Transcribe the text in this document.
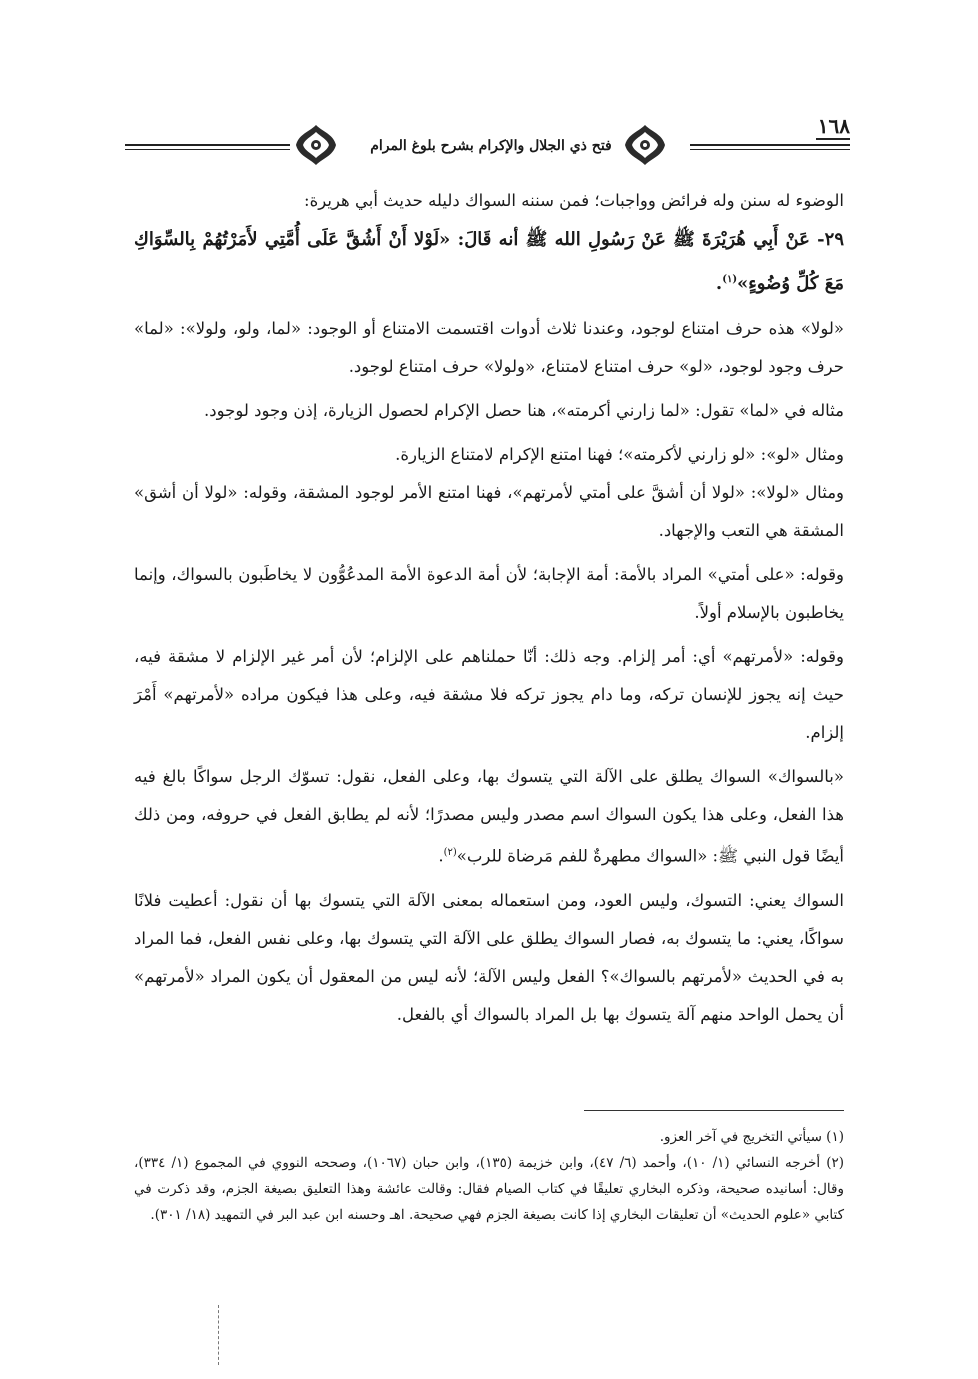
١٦٨
فتح ذي الجلال والإكرام بشرح بلوغ المرام

الوضوء له سنن وله فرائض وواجبات؛ فمن سننه السواك دليله حديث أبي هريرة:

٢٩- عَنْ أَبِي هُرَيْرَةَ ﷺ عَنْ رَسُولِ الله ﷺ أنه قَالَ: «لَوْلا أَنْ أَشُقَّ عَلَى أُمَّتِي لأَمَرْتُهُمْ بِالسِّوَاكِ مَعَ كُلِّ وُضُوءٍ»$^{(١)}$.

«لولا» هذه حرف امتناع لوجود، وعندنا ثلاث أدوات اقتسمت الامتناع أو الوجود: «لما، ولو، ولولا»: «لما» حرف وجود لوجود، «لو» حرف امتناع لامتناع، «ولولا» حرف امتناع لوجود.

مثاله في «لما» تقول: «لما زارني أكرمته»، هنا حصل الإكرام لحصول الزيارة، إذن وجود لوجود.

ومثال «لو»: «لو زارني لأكرمته»؛ فهنا امتنع الإكرام لامتناع الزيارة.

ومثال «لولا»: «لولا أن أشقَّ على أمتي لأمرتهم»، فهنا امتنع الأمر لوجود المشقة، وقوله: «لولا أن أشق» المشقة هي التعب والإجهاد.

وقوله: «على أمتي» المراد بالأمة: أمة الإجابة؛ لأن أمة الدعوة الأمة المدعُوُّون لا يخاطَبون بالسواك، وإنما يخاطبون بالإسلام أولاً.

وقوله: «لأمرتهم» أي: أمر إلزام. وجه ذلك: أنّا حملناهم على الإلزام؛ لأن أمر غير الإلزام لا مشقة فيه، حيث إنه يجوز للإنسان تركه، وما دام يجوز تركه فلا مشقة فيه، وعلى هذا فيكون مراده «لأمرتهم» أَمْرَ إلزام.

«بالسواك» السواك يطلق على الآلة التي يتسوك بها، وعلى الفعل، نقول: تسوّك الرجل سواكًا بالغ فيه هذا الفعل، وعلى هذا يكون السواك اسم مصدر وليس مصدرًا؛ لأنه لم يطابق الفعل في حروفه، ومن ذلك أيضًا قول النبي ﷺ: «السواك مطهرةٌ للفم مَرضاة للرب»$^{(٢)}$.

السواك يعني: التسوك، وليس العود، ومن استعماله بمعنى الآلة التي يتسوك بها أن نقول: أعطيت فلانًا سواكًا، يعني: ما يتسوك به، فصار السواك يطلق على الآلة التي يتسوك بها، وعلى نفس الفعل، فما المراد به في الحديث «لأمرتهم بالسواك»؟ الفعل وليس الآلة؛ لأنه ليس من المعقول أن يكون المراد «لأمرتهم» أن يحمل الواحد منهم آلة يتسوك بها بل المراد بالسواك أي بالفعل.

(١) سيأتي التخريج في آخر العزو.

(٢) أخرجه النسائي (١/ ١٠)، وأحمد (٦/ ٤٧)، وابن خزيمة (١٣٥)، وابن حبان (١٠٦٧)، وصححه النووي في المجموع (١/ ٣٣٤)، وقال: أسانيده صحيحة، وذكره البخاري تعليقًا في كتاب الصيام فقال: وقالت عائشة وهذا التعليق بصيغة الجزم، وقد ذكرت في كتابي «علوم الحديث» أن تعليقات البخاري إذا كانت بصيغة الجزم فهي صحيحة. اهـ وحسنه ابن عبد البر في التمهيد (١٨/ ٣٠١).
